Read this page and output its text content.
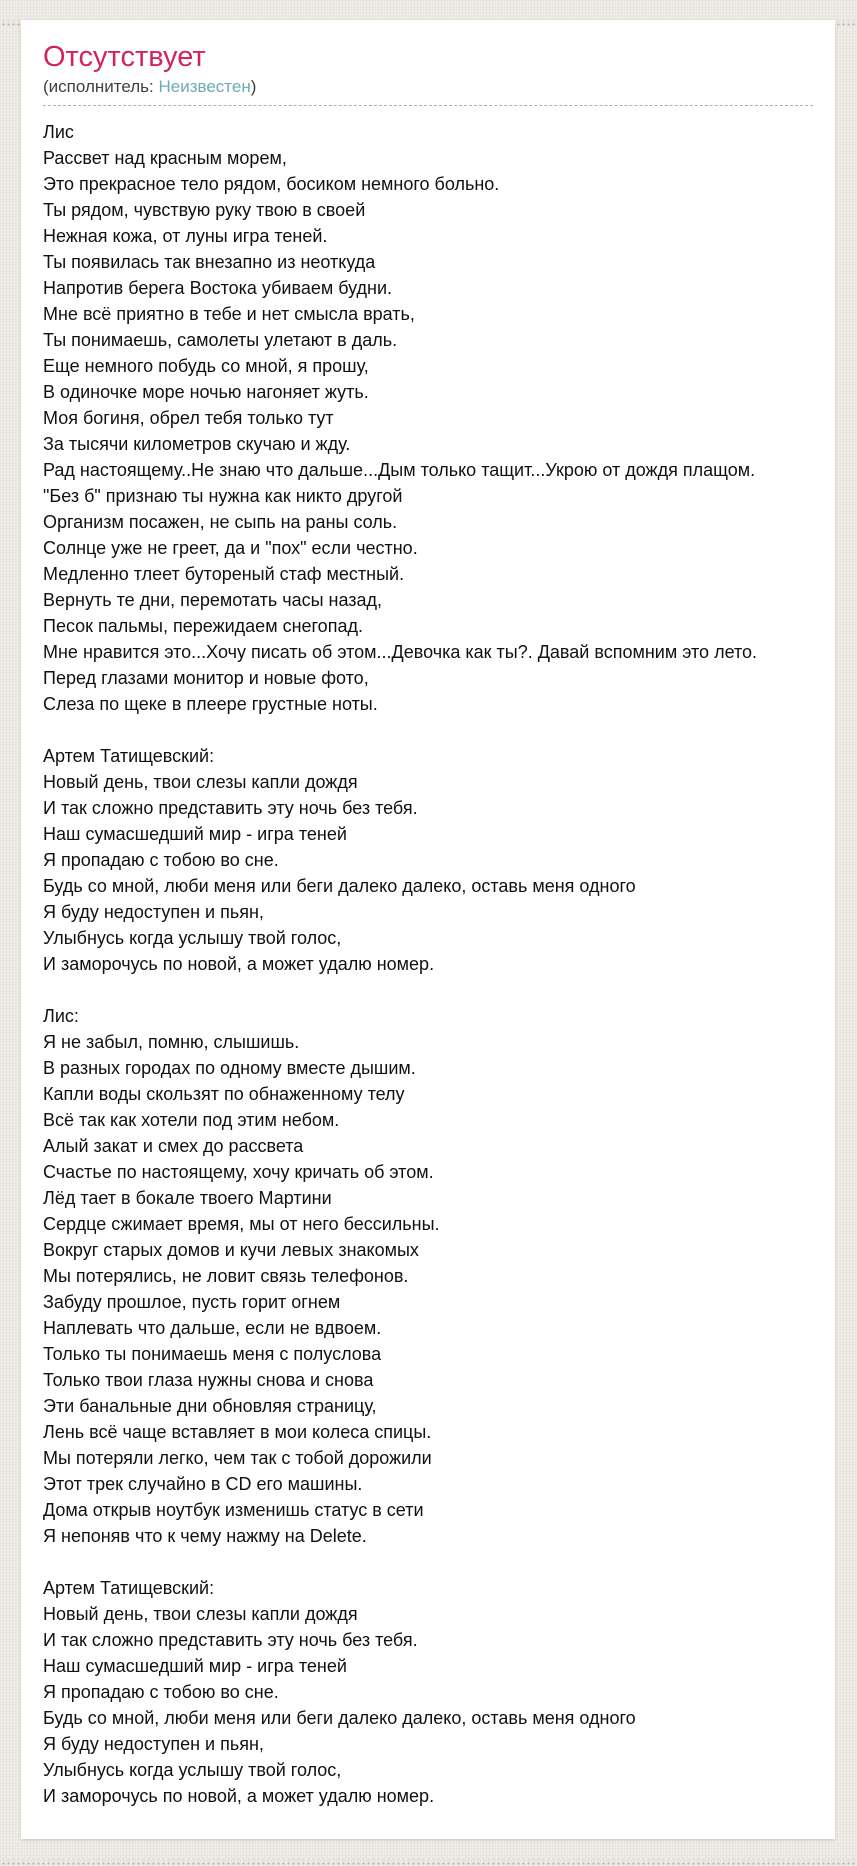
Отсутствует
(исполнитель: Неизвестен)
Лис
Рассвет над красным морем,
Это прекрасное тело рядом, босиком немного больно.
Ты рядом, чувствую руку твою в своей
Нежная кожа, от луны игра теней.
Ты появилась так внезапно из неоткуда
Напротив берега Востока убиваем будни.
Мне всё приятно в тебе и нет смысла врать,
Ты понимаешь, самолеты улетают в даль.
Еще немного побудь со мной, я прошу,
В одиночке море ночью нагоняет жуть.
Моя богиня, обрел тебя только тут
За тысячи километров скучаю и жду.
Рад настоящему..Не знаю что дальше...Дым только тащит...Укрою от дождя плащом.
"Без б" признаю ты нужна как никто другой
Организм посажен, не сыпь на раны соль.
Солнце уже не греет, да и "пох" если честно.
Медленно тлеет бутореный стаф местный.
Вернуть те дни, перемотать часы назад,
Песок пальмы, пережидаем снегопад.
Мне нравится это...Хочу писать об этом...Девочка как ты?. Давай вспомним это лето.
Перед глазами монитор и новые фото,
Слеза по щеке в плеере грустные ноты.

Артем Татищевский:
Новый день, твои слезы капли дождя
И так сложно представить эту ночь без тебя.
Наш сумасшедший мир - игра теней
Я пропадаю с тобою во сне.
Будь со мной, люби меня или беги далеко далеко, оставь меня одного
Я буду недоступен и пьян,
Улыбнусь когда услышу твой голос,
И заморочусь по новой, а может удалю номер.

Лис:
Я не забыл, помню, слышишь.
В разных городах по одному вместе дышим.
Капли воды скользят по обнаженному телу
Всё так как хотели под этим небом.
Алый закат и смех до рассвета
Счастье по настоящему, хочу кричать об этом.
Лёд тает в бокале твоего Мартини
Сердце сжимает время, мы от него бессильны.
Вокруг старых домов и кучи левых знакомых
Мы потерялись, не ловит связь телефонов.
Забуду прошлое, пусть горит огнем
Наплевать что дальше, если не вдвоем.
Только ты понимаешь меня с полуслова
Только твои глаза нужны снова и снова
Эти банальные дни обновляя страницу,
Лень всё чаще вставляет в мои колеса спицы.
Мы потеряли легко, чем так с тобой дорожили
Этот трек случайно в CD его машины.
Дома открыв ноутбук изменишь статус в сети
Я непоняв что к чему нажму на Delete.

Артем Татищевский:
Новый день, твои слезы капли дождя
И так сложно представить эту ночь без тебя.
Наш сумасшедший мир - игра теней
Я пропадаю с тобою во сне.
Будь со мной, люби меня или беги далеко далеко, оставь меня одного
Я буду недоступен и пьян,
Улыбнусь когда услышу твой голос,
И заморочусь по новой, а может удалю номер.
